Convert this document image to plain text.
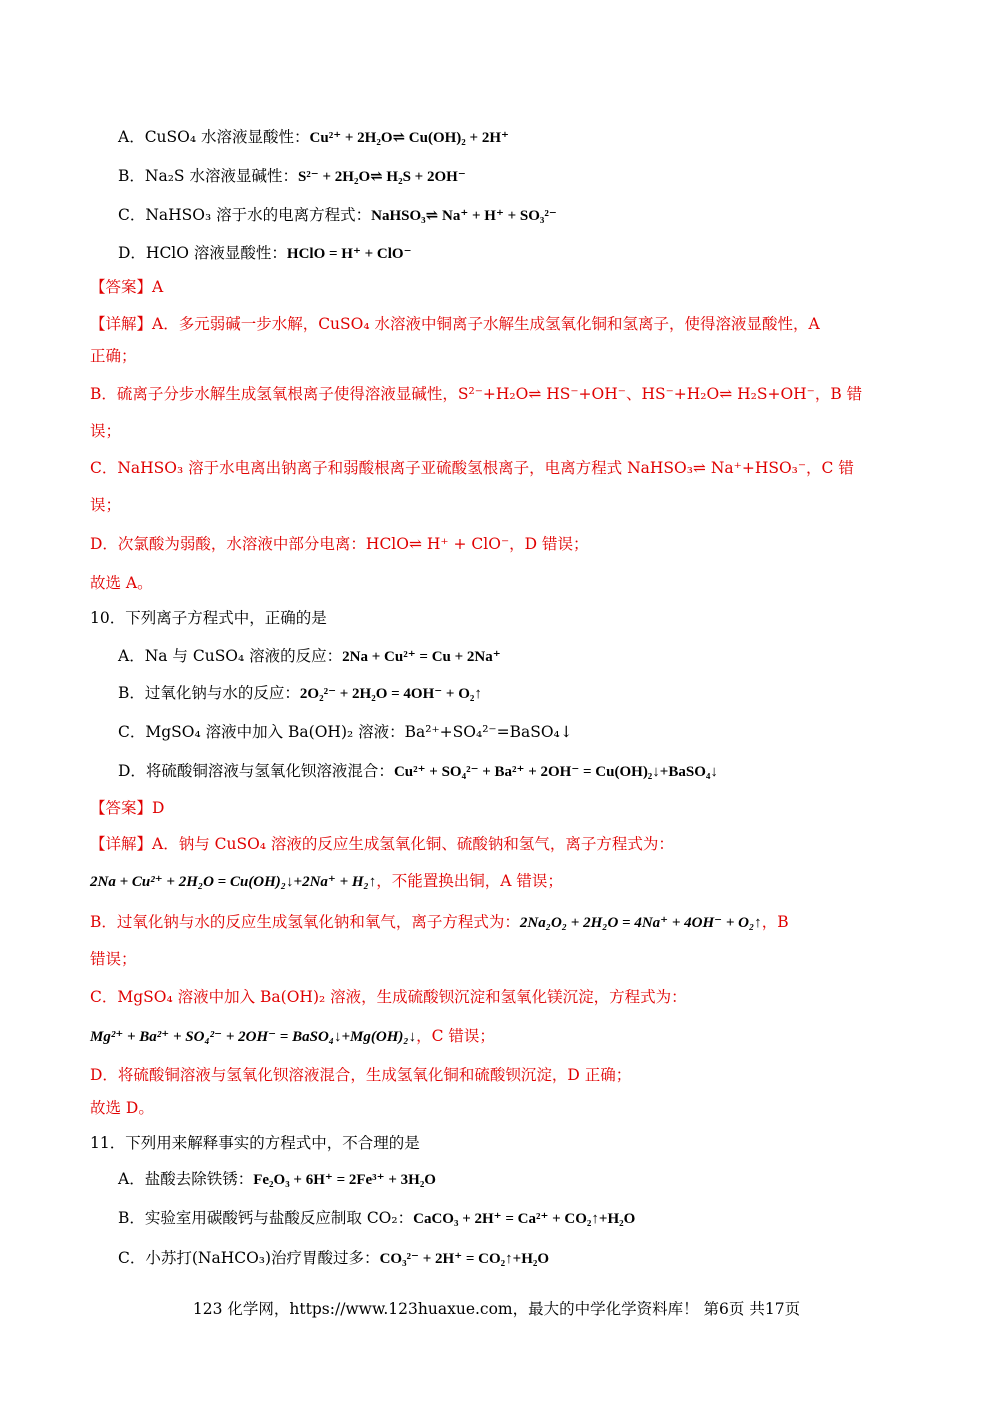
A．CuSO₄ 水溶液显酸性：Cu²⁺ + 2H₂O⇌ Cu(OH)₂ + 2H⁺
B．Na₂S 水溶液显碱性：S²⁻ + 2H₂O⇌ H₂S + 2OH⁻
C．NaHSO₃ 溶于水的电离方程式：NaHSO₃⇌ Na⁺ + H⁺ + SO₃²⁻
D．HClO 溶液显酸性：HClO = H⁺ + ClO⁻
【答案】A
【详解】A．多元弱碱一步水解，CuSO₄ 水溶液中铜离子水解生成氢氧化铜和氢离子，使得溶液显酸性，A
正确；
B．硫离子分步水解生成氢氧根离子使得溶液显碱性，S²⁻+H₂O⇌ HS⁻+OH⁻、HS⁻+H₂O⇌ H₂S+OH⁻，B 错
误；
C．NaHSO₃ 溶于水电离出钠离子和弱酸根离子亚硫酸氢根离子，电离方程式 NaHSO₃⇌ Na⁺+HSO₃⁻，C 错
误；
D．次氯酸为弱酸，水溶液中部分电离：HClO⇌ H⁺ + ClO⁻，D 错误；
故选 A。
10．下列离子方程式中，正确的是
A．Na 与 CuSO₄ 溶液的反应：2Na + Cu²⁺ = Cu + 2Na⁺
B．过氧化钠与水的反应：2O₂²⁻ + 2H₂O = 4OH⁻ + O₂↑
C．MgSO₄ 溶液中加入 Ba(OH)₂ 溶液：Ba²⁺+SO₄²⁻=BaSO₄↓
D．将硫酸铜溶液与氢氧化钡溶液混合：Cu²⁺ + SO₄²⁻ + Ba²⁺ + 2OH⁻ = Cu(OH)₂↓+BaSO₄↓
【答案】D
【详解】A．钠与 CuSO₄ 溶液的反应生成氢氧化铜、硫酸钠和氢气，离子方程式为：
2Na + Cu²⁺ + 2H₂O = Cu(OH)₂↓+2Na⁺ + H₂↑，不能置换出铜，A 错误；
B．过氧化钠与水的反应生成氢氧化钠和氧气，离子方程式为：2Na₂O₂ + 2H₂O = 4Na⁺ + 4OH⁻ + O₂↑，B
错误；
C．MgSO₄ 溶液中加入 Ba(OH)₂ 溶液，生成硫酸钡沉淀和氢氧化镁沉淀，方程式为：
Mg²⁺ + Ba²⁺ + SO₄²⁻ + 2OH⁻ = BaSO₄↓+Mg(OH)₂↓，C 错误；
D．将硫酸铜溶液与氢氧化钡溶液混合，生成氢氧化铜和硫酸钡沉淀，D 正确；
故选 D。
11．下列用来解释事实的方程式中，不合理的是
A．盐酸去除铁锈：Fe₂O₃ + 6H⁺ = 2Fe³⁺ + 3H₂O
B．实验室用碳酸钙与盐酸反应制取 CO₂：CaCO₃ + 2H⁺ = Ca²⁺ + CO₂↑+H₂O
C．小苏打(NaHCO₃)治疗胃酸过多：CO₃²⁻ + 2H⁺ = CO₂↑+H₂O
123 化学网，https://www.123huaxue.com，最大的中学化学资料库！ 第6页 共17页
